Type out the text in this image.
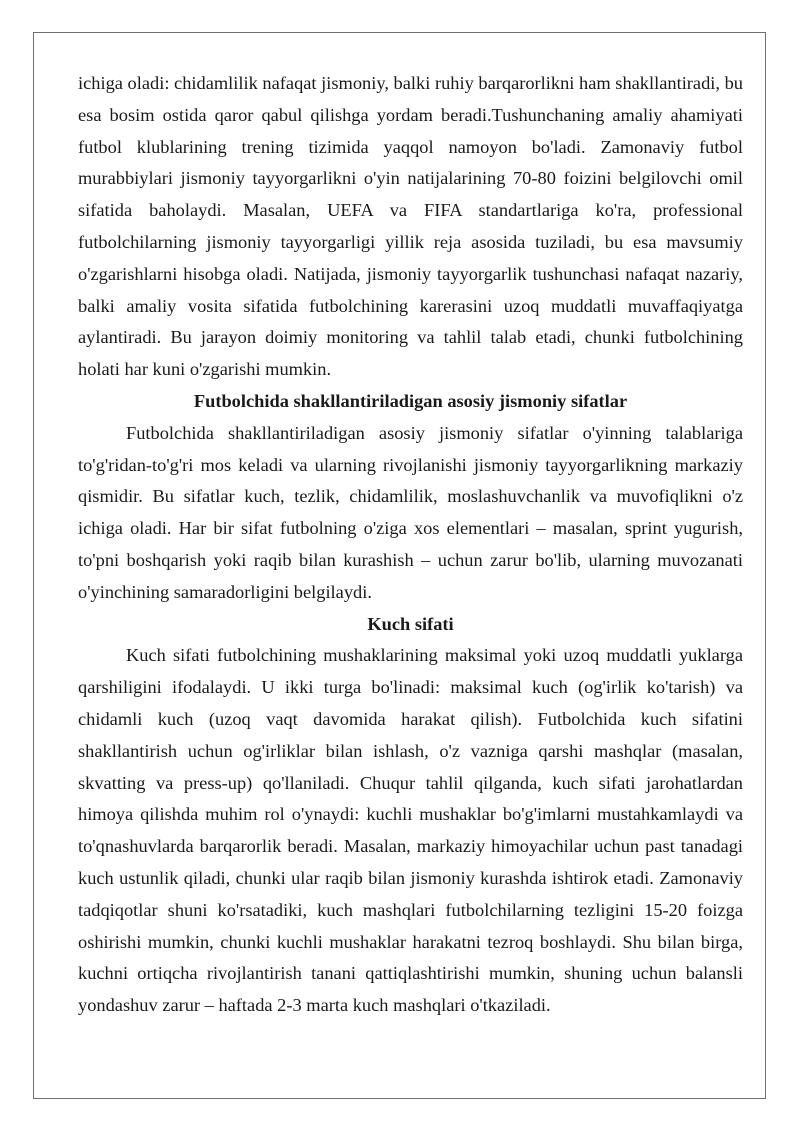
ichiga oladi: chidamlilik nafaqat jismoniy, balki ruhiy barqarorlikni ham shakllantiradi, bu esa bosim ostida qaror qabul qilishga yordam beradi.Tushunchaning amaliy ahamiyati futbol klublarining trening tizimida yaqqol namoyon bo'ladi. Zamonaviy futbol murabbiylari jismoniy tayyorgarlikni o'yin natijalarining 70-80 foizini belgilovchi omil sifatida baholaydi. Masalan, UEFA va FIFA standartlariga ko'ra, professional futbolchilarning jismoniy tayyorgarligi yillik reja asosida tuziladi, bu esa mavsumiy o'zgarishlarni hisobga oladi. Natijada, jismoniy tayyorgarlik tushunchasi nafaqat nazariy, balki amaliy vosita sifatida futbolchining karerasini uzoq muddatli muvaffaqiyatga aylantiradi. Bu jarayon doimiy monitoring va tahlil talab etadi, chunki futbolchining holati har kuni o'zgarishi mumkin.

Futbolchida shakllantiriladigan asosiy jismoniy sifatlar

Futbolchida shakllantiriladigan asosiy jismoniy sifatlar o'yinning talablariga to'g'ridan-to'g'ri mos keladi va ularning rivojlanishi jismoniy tayyorgarlikning markaziy qismidir. Bu sifatlar kuch, tezlik, chidamlilik, moslashuvchanlik va muvofiqlikni o'z ichiga oladi. Har bir sifat futbolning o'ziga xos elementlari – masalan, sprint yugurish, to'pni boshqarish yoki raqib bilan kurashish – uchun zarur bo'lib, ularning muvozanati o'yinchining samaradorligini belgilaydi.

Kuch sifati

Kuch sifati futbolchining mushaklarining maksimal yoki uzoq muddatli yuklarga qarshiligini ifodalaydi. U ikki turga bo'linadi: maksimal kuch (og'irlik ko'tarish) va chidamli kuch (uzoq vaqt davomida harakat qilish). Futbolchida kuch sifatini shakllantirish uchun og'irliklar bilan ishlash, o'z vazniga qarshi mashqlar (masalan, skvatting va press-up) qo'llaniladi. Chuqur tahlil qilganda, kuch sifati jarohatlardan himoya qilishda muhim rol o'ynaydi: kuchli mushaklar bo'g'imlarni mustahkamlaydi va to'qnashuvlarda barqarorlik beradi. Masalan, markaziy himoyachilar uchun past tanadagi kuch ustunlik qiladi, chunki ular raqib bilan jismoniy kurashda ishtirok etadi. Zamonaviy tadqiqotlar shuni ko'rsatadiki, kuch mashqlari futbolchilarning tezligini 15-20 foizga oshirishi mumkin, chunki kuchli mushaklar harakatni tezroq boshlaydi. Shu bilan birga, kuchni ortiqcha rivojlantirish tanani qattiqlashtirishi mumkin, shuning uchun balansli yondashuv zarur – haftada 2-3 marta kuch mashqlari o'tkaziladi.
